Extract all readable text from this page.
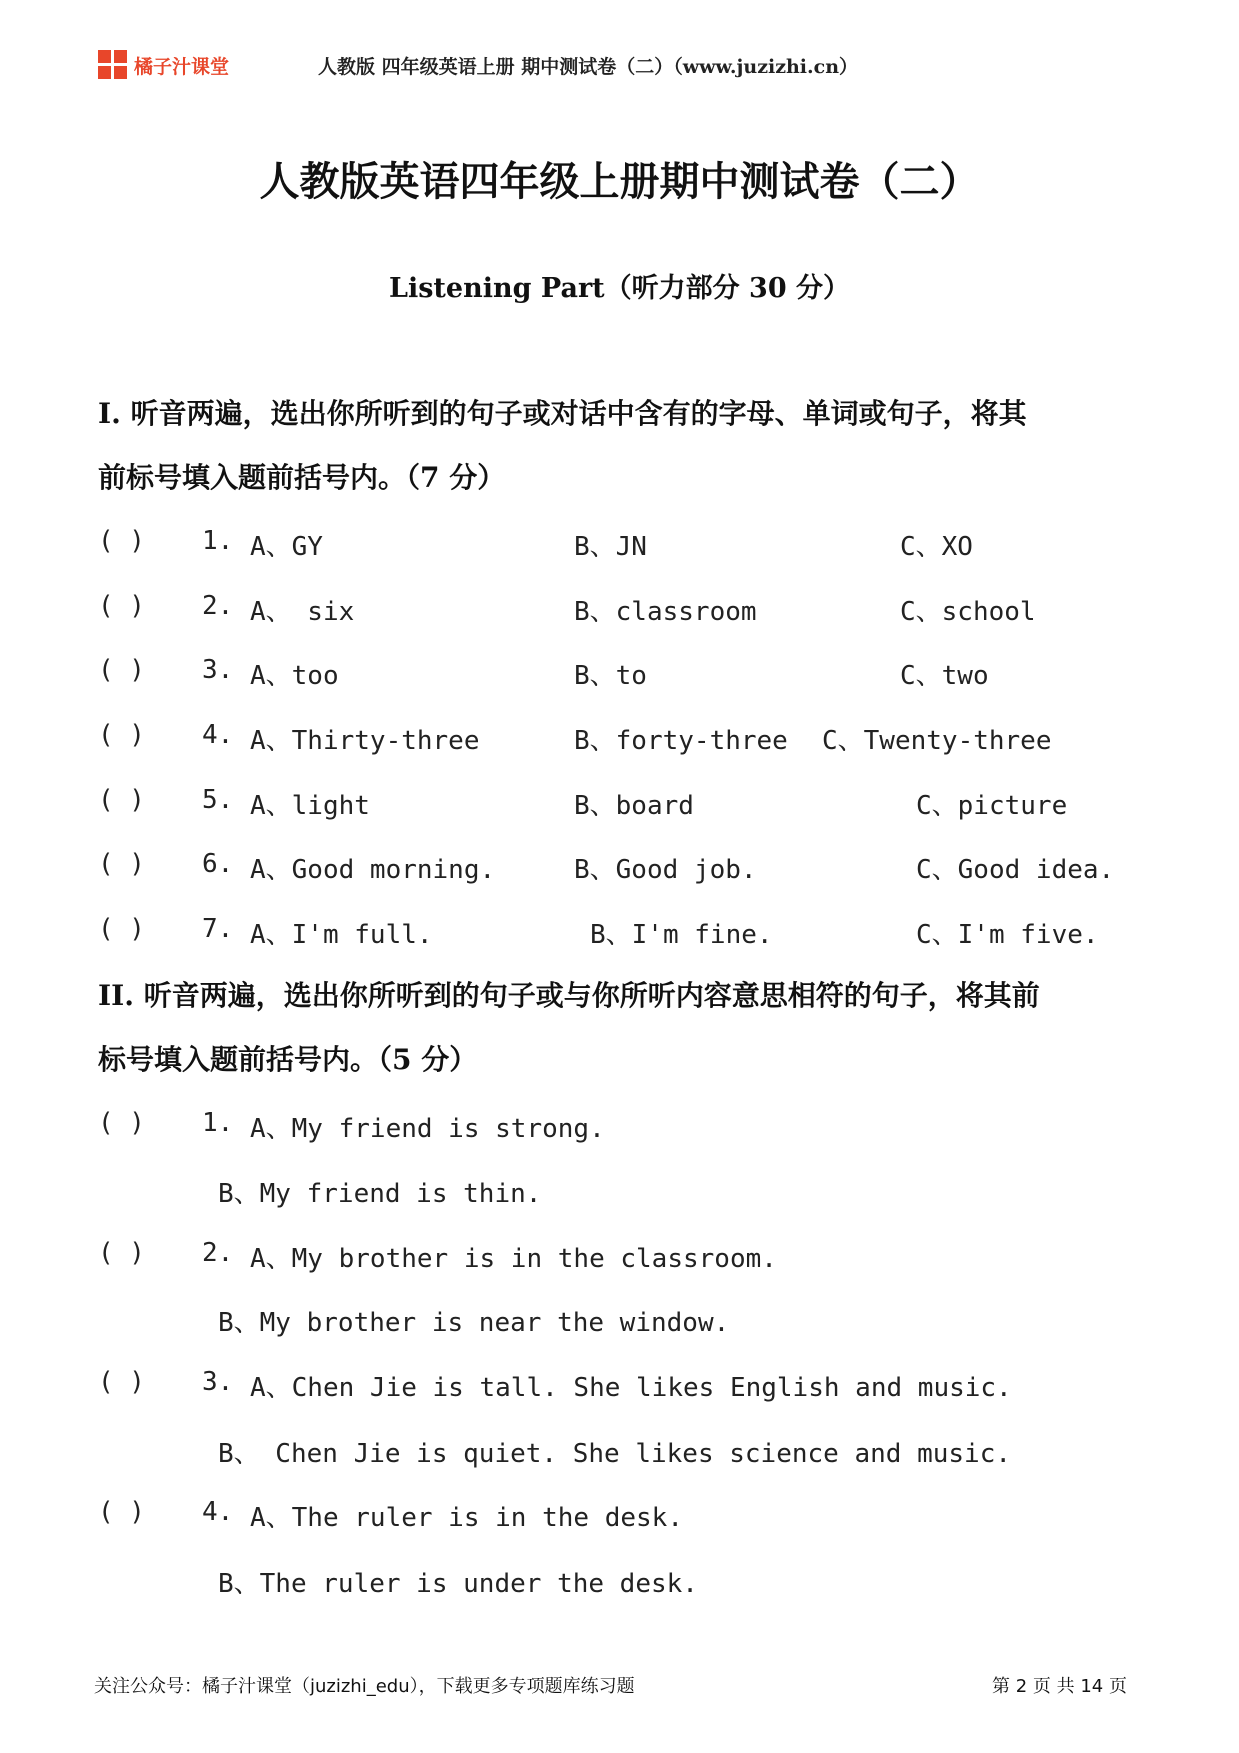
橘子汁课堂	人教版 四年级英语上册 期中测试卷（二）（www.juzizhi.cn）
人教版英语四年级上册期中测试卷（二）
Listening Part（听力部分 30 分）
I. 听音两遍，选出你所听到的句子或对话中含有的字母、单词或句子，将其
前标号填入题前括号内。（7 分）
( ) 1. A、GY	B、JN	C、XO
( ) 2. A、 six	B、classroom	C、school
( ) 3. A、too	B、to	C、two
( ) 4. A、Thirty-three	B、forty-three C、Twenty-three
( ) 5. A、light	B、board	C、picture
( ) 6. A、Good morning.	B、Good job.	C、Good idea.
( ) 7. A、I'm full.	B、I'm fine.	C、I'm five.
II. 听音两遍，选出你所听到的句子或与你所听内容意思相符的句子，将其前
标号填入题前括号内。（5 分）
( ) 1. A、My friend is strong.
B、My friend is thin.
( ) 2. A、My brother is in the classroom.
B、My brother is near the window.
( ) 3. A、Chen Jie is tall. She likes English and music.
B、 Chen Jie is quiet. She likes science and music.
( ) 4. A、The ruler is in the desk.
B、The ruler is under the desk.
关注公众号：橘子汁课堂（juzizhi_edu），下载更多专项题库练习题	第 2 页 共 14 页
